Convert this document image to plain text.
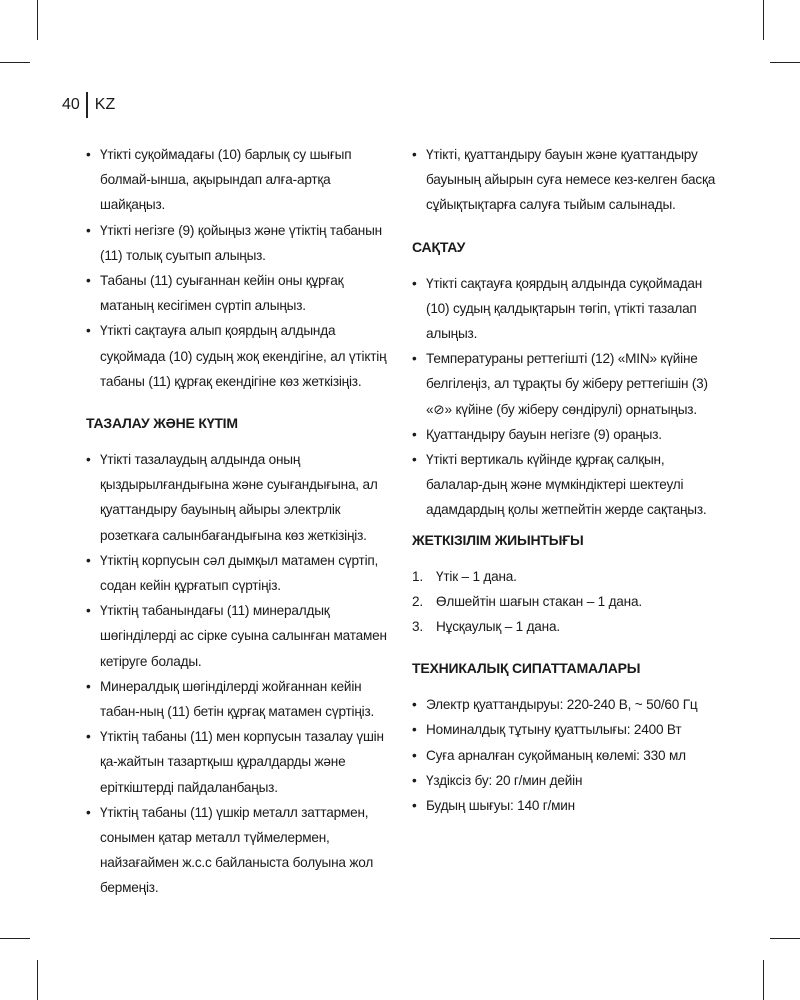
40 KZ
• Үтікті суқоймадағы (10) барлық су шығып болмай-ынша, ақырындап алға-артқа шайқаңыз.
• Үтікті негізге (9) қойыңыз және үтіктің табанын (11) толық суытып алыңыз.
• Табаны (11) суығаннан кейін оны құрғақ матаның кесігімен сүртіп алыңыз.
• Үтікті сақтауға алып қоярдың алдында суқоймада (10) судың жоқ екендігіне, ал үтіктің табаны (11) құрғақ екендігіне көз жеткізіңіз.
ТАЗАЛАУ ЖӘНЕ КҮТІМ
• Үтікті тазалаудың алдында оның қыздырылғандығына және суығандығына, ал қуаттандыру бауының айыры электрлік розеткаға салынбағандығына көз жеткізіңіз.
• Үтіктің корпусын сәл дымқыл матамен сүртіп, содан кейін құрғатып сүртіңіз.
• Үтіктің табанындағы (11) минералдық шөгінділерді ас сірке суына салынған матамен кетіруге болады.
• Минералдық шөгінділерді жойғаннан кейін табан-ның (11) бетін құрғақ матамен сүртіңіз.
• Үтіктің табаны (11) мен корпусын тазалау үшін қа-жайтын тазартқыш құралдарды және еріткіштерді пайдаланбаңыз.
• Үтіктің табаны (11) үшкір металл заттармен, сонымен қатар металл түймелермен, найзағаймен ж.с.с байланыста болуына жол бермеңіз.
• Үтікті, қуаттандыру бауын және қуаттандыру бауының айырын суға немесе кез-келген басқа сұйықтықтарға салуға тыйым салынады.
САҚТАУ
• Үтікті сақтауға қоярдың алдында суқоймадан (10) судың қалдықтарын төгіп, үтікті тазалап алыңыз.
• Температураны реттегішті (12) «MIN» күйіне белгілеңіз, ал тұрақты бу жіберу реттегішін (3) «⊘» күйіне (бу жіберу сөндірулі) орнатыңыз.
• Қуаттандыру бауын негізге (9) ораңыз.
• Үтікті вертикаль күйінде құрғақ салқын, балалар-дың және мүмкіндіктері шектеулі адамдардың қолы жетпейтін жерде сақтаңыз.
ЖЕТКІЗІЛІМ ЖИЫНТЫҒЫ
1. Үтік – 1 дана.
2. Өлшейтін шағын стакан – 1 дана.
3. Нұсқаулық – 1 дана.
ТЕХНИКАЛЫҚ СИПАТТАМАЛАРЫ
• Электр қуаттандыруы: 220-240 В, ~ 50/60 Гц
• Номиналдық тұтыну қуаттылығы: 2400 Вт
• Суға арналған суқойманың көлемі: 330 мл
• Үздіксіз бу: 20 г/мин дейін
• Будың шығуы: 140 г/мин
